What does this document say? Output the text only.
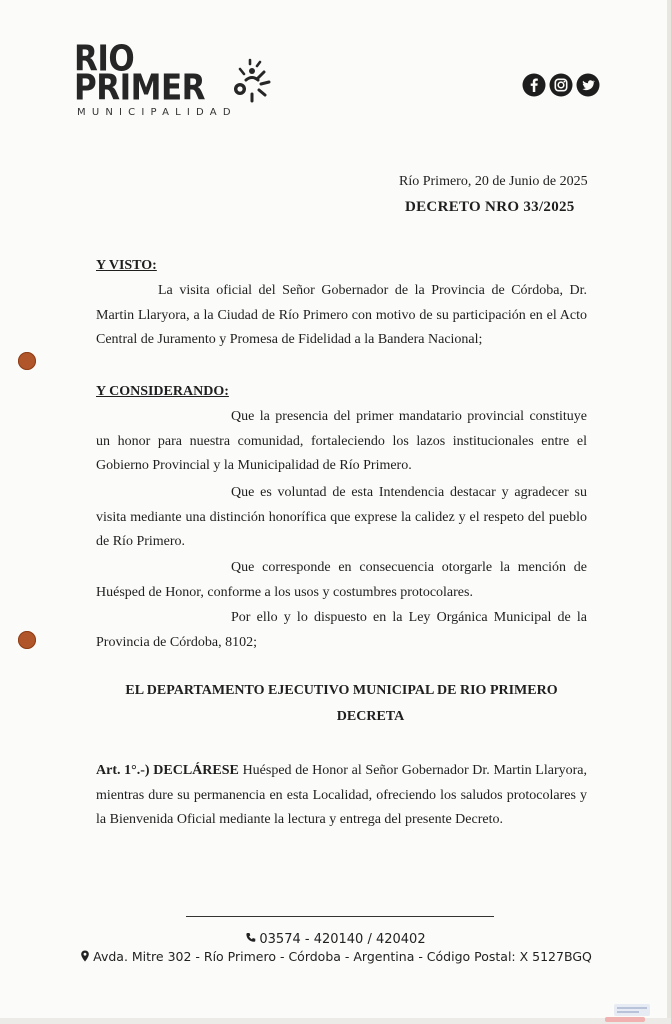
RIO
PRIMER
MUNICIPALIDAD
Río Primero, 20 de Junio de 2025
DECRETO NRO 33/2025
Y VISTO:
La visita oficial del Señor Gobernador de la Provincia de Córdoba, Dr. Martin Llaryora, a la Ciudad de Río Primero con motivo de su participación en el Acto Central de Juramento y Promesa de Fidelidad a la Bandera Nacional;
Y CONSIDERANDO:
Que la presencia del primer mandatario provincial constituye un honor para nuestra comunidad, fortaleciendo los lazos institucionales entre el Gobierno Provincial y la Municipalidad de Río Primero.
Que es voluntad de esta Intendencia destacar y agradecer su visita mediante una distinción honorífica que exprese la calidez y el respeto del pueblo de Río Primero.
Que corresponde en consecuencia otorgarle la mención de Huésped de Honor, conforme a los usos y costumbres protocolares.
Por ello y lo dispuesto en la Ley Orgánica Municipal de la Provincia de Córdoba, 8102;
EL DEPARTAMENTO EJECUTIVO MUNICIPAL DE RIO PRIMERO
DECRETA
Art. 1°.-) DECLÁRESE Huésped de Honor al Señor Gobernador Dr. Martin Llaryora, mientras dure su permanencia en esta Localidad, ofreciendo los saludos protocolares y la Bienvenida Oficial mediante la lectura y entrega del presente Decreto.
03574 - 420140 / 420402
Avda. Mitre 302 - Río Primero - Córdoba - Argentina - Código Postal: X 5127BGQ
